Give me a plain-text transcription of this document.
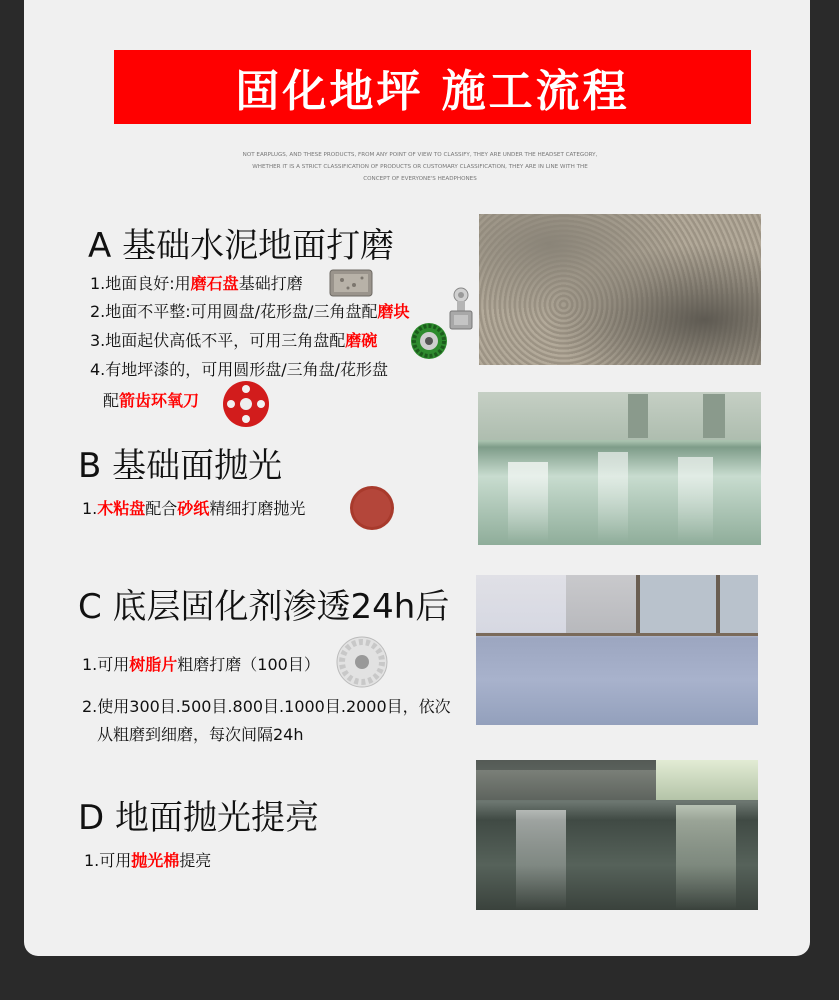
固化地坪 施工流程
NOT EARPLUGS, AND THESE PRODUCTS, FROM ANY POINT OF VIEW TO CLASSIFY, THEY ARE UNDER THE HEADSET CATEGORY,
WHETHER IT IS A STRICT CLASSIFICATION OF PRODUCTS OR CUSTOMARY CLASSIFICATION, THEY ARE IN LINE WITH THE
CONCEPT OF EVERYONE'S HEADPHONES
A 基础水泥地面打磨
1.地面良好:用磨石盘基础打磨
2.地面不平整:可用圆盘/花形盘/三角盘配磨块
3.地面起伏高低不平，可用三角盘配磨碗
4.有地坪漆的，可用圆形盘/三角盘/花形盘
配箭齿环氧刀
B 基础面抛光
1.木粘盘配合砂纸精细打磨抛光
C 底层固化剂渗透24h后
1.可用树脂片粗磨打磨（100目）
2.使用300目.500目.800目.1000目.2000目，依次
从粗磨到细磨，每次间隔24h
D 地面抛光提亮
1.可用抛光棉提亮
